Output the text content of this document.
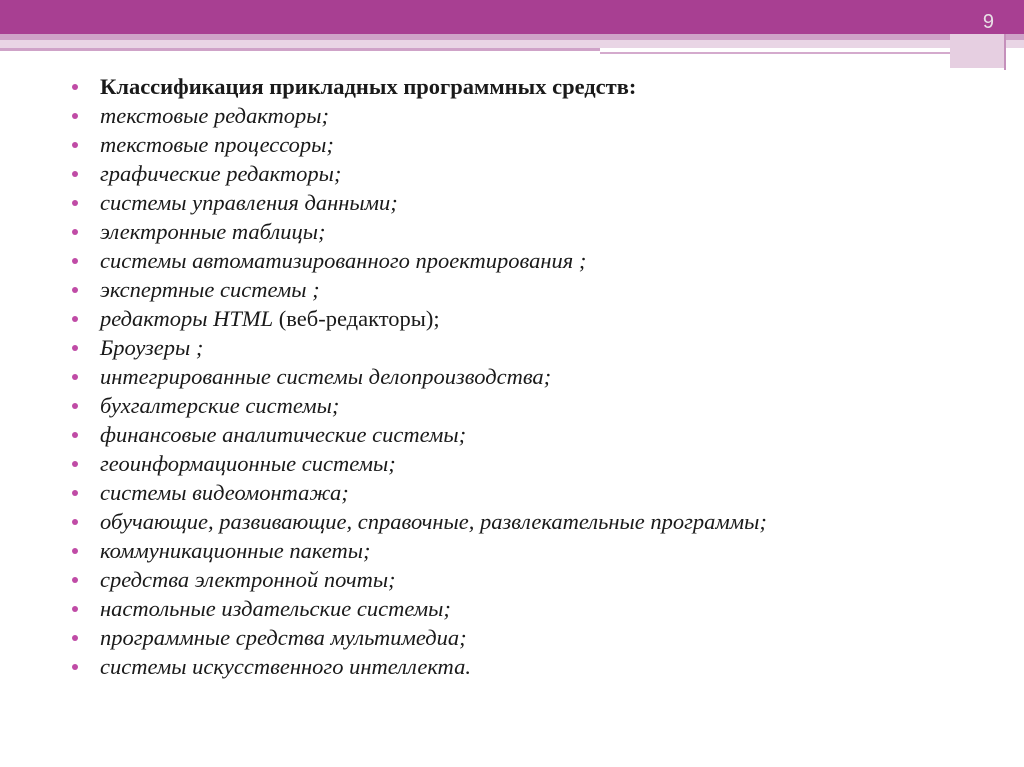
9
Классификация прикладных программных средств:
текстовые редакторы;
текстовые процессоры;
графические редакторы;
системы управления данными;
электронные таблицы;
системы автоматизированного проектирования ;
экспертные системы ;
редакторы HTML (веб-редакторы);
Броузеры ;
интегрированные системы делопроизводства;
бухгалтерские системы;
финансовые аналитические системы;
геоинформационные системы;
системы видеомонтажа;
обучающие, развивающие, справочные, развлекательные программы;
коммуникационные пакеты;
средства электронной почты;
настольные издательские системы;
программные средства мультимедиа;
системы искусственного интеллекта.
